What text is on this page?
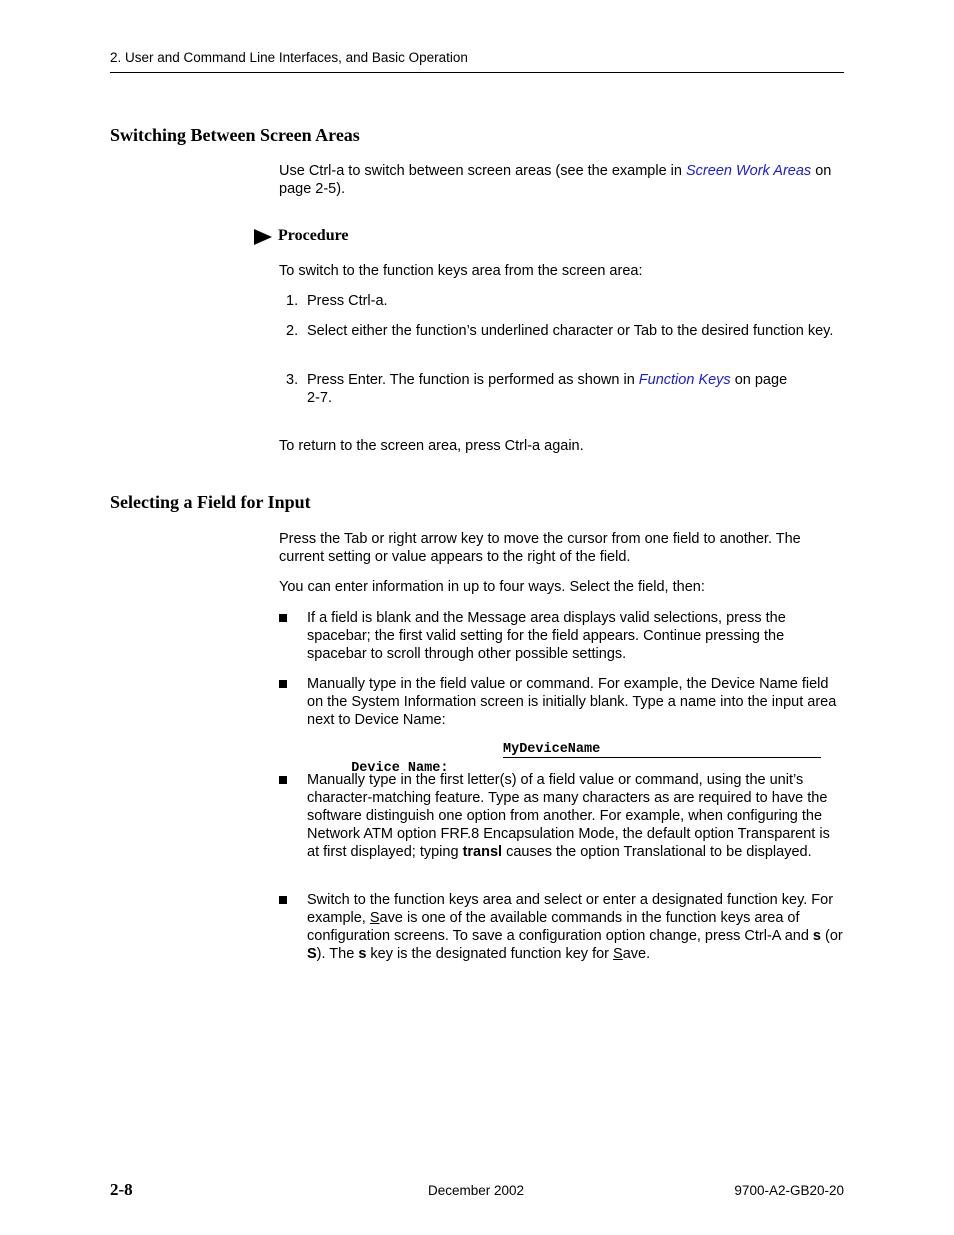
2. User and Command Line Interfaces, and Basic Operation
Switching Between Screen Areas

Use Ctrl-a to switch between screen areas (see the example in Screen Work Areas on page 2-5).

Procedure

To switch to the function keys area from the screen area:

1. Press Ctrl-a.
2. Select either the function’s underlined character or Tab to the desired function key.
3. Press Enter. The function is performed as shown in Function Keys on page 2-7.

To return to the screen area, press Ctrl-a again.

Selecting a Field for Input

Press the Tab or right arrow key to move the cursor from one field to another. The current setting or value appears to the right of the field.

You can enter information in up to four ways. Select the field, then:

If a field is blank and the Message area displays valid selections, press the spacebar; the first valid setting for the field appears. Continue pressing the spacebar to scroll through other possible settings.
Manually type in the field value or command. For example, the Device Name field on the System Information screen is initially blank. Type a name into the input area next to Device Name:

Device Name:

MyDeviceName
Manually type in the first letter(s) of a field value or command, using the unit’s character-matching feature. Type as many characters as are required to have the software distinguish one option from another. For example, when configuring the Network ATM option FRF.8 Encapsulation Mode, the default option Transparent is at first displayed; typing transl causes the option Translational to be displayed.
Switch to the function keys area and select or enter a designated function key. For example, Save is one of the available commands in the function keys area of configuration screens. To save a configuration option change, press Ctrl-A and s (or S). The s key is the designated function key for Save.
2-8	December 2002	9700-A2-GB20-20
